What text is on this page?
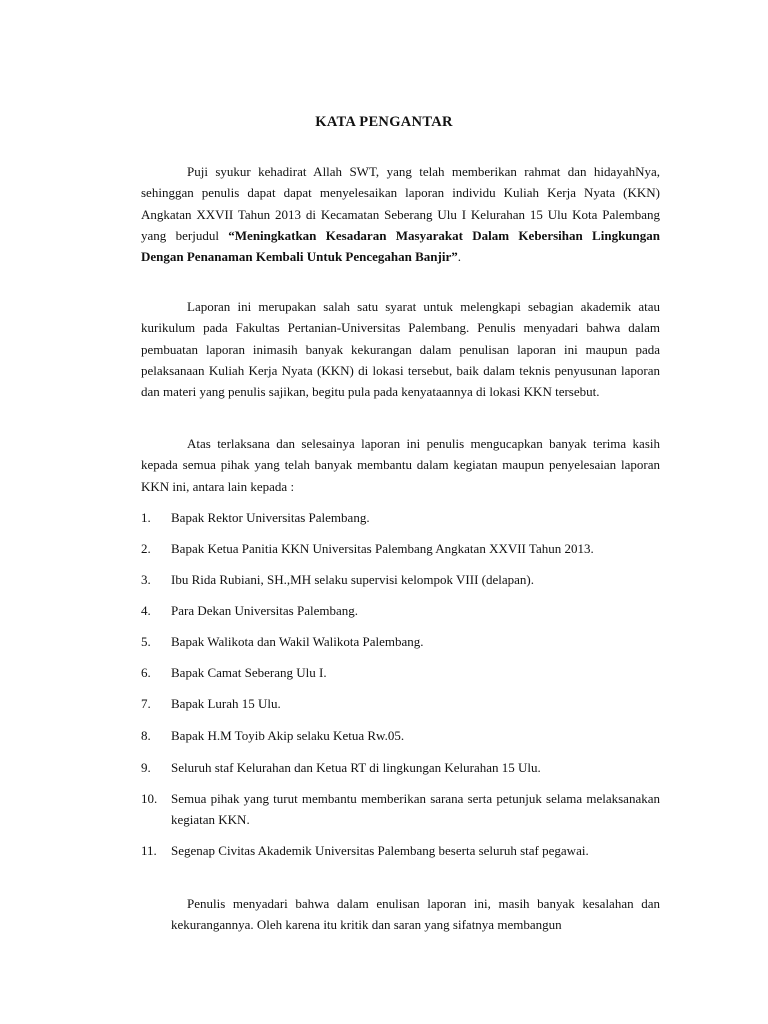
KATA PENGANTAR

Puji syukur kehadirat Allah SWT, yang telah memberikan rahmat dan hidayahNya, sehinggan penulis dapat dapat menyelesaikan laporan individu Kuliah Kerja Nyata (KKN) Angkatan XXVII Tahun 2013 di Kecamatan Seberang Ulu I Kelurahan 15 Ulu Kota Palembang yang berjudul “Meningkatkan Kesadaran Masyarakat Dalam Kebersihan Lingkungan Dengan Penanaman Kembali Untuk Pencegahan Banjir”.

Laporan ini merupakan salah satu syarat untuk melengkapi sebagian akademik atau kurikulum pada Fakultas Pertanian-Universitas Palembang. Penulis menyadari bahwa dalam pembuatan laporan inimasih banyak kekurangan dalam penulisan laporan ini maupun pada pelaksanaan Kuliah Kerja Nyata (KKN) di lokasi tersebut, baik dalam teknis penyusunan laporan dan materi yang penulis sajikan, begitu pula pada kenyataannya di lokasi KKN tersebut.

Atas terlaksana dan selesainya laporan ini penulis mengucapkan banyak terima kasih kepada semua pihak yang telah banyak membantu dalam kegiatan maupun penyelesaian laporan KKN ini, antara lain kepada :

1.	Bapak Rektor Universitas Palembang.
2.	Bapak Ketua Panitia KKN Universitas Palembang Angkatan XXVII Tahun 2013.
3.	Ibu Rida Rubiani, SH.,MH selaku supervisi kelompok VIII (delapan).
4.	Para Dekan Universitas Palembang.
5.	Bapak Walikota dan Wakil Walikota Palembang.
6.	Bapak Camat Seberang Ulu I.
7.	Bapak Lurah 15 Ulu.
8.	Bapak H.M Toyib Akip selaku Ketua Rw.05.
9.	Seluruh staf Kelurahan dan Ketua RT di lingkungan Kelurahan 15 Ulu.
10.	Semua pihak yang turut membantu memberikan sarana serta petunjuk selama melaksanakan kegiatan KKN.
11.	Segenap Civitas Akademik Universitas Palembang beserta seluruh staf pegawai.

Penulis menyadari bahwa dalam enulisan laporan ini, masih banyak kesalahan dan kekurangannya. Oleh karena itu kritik dan saran yang sifatnya membangun
